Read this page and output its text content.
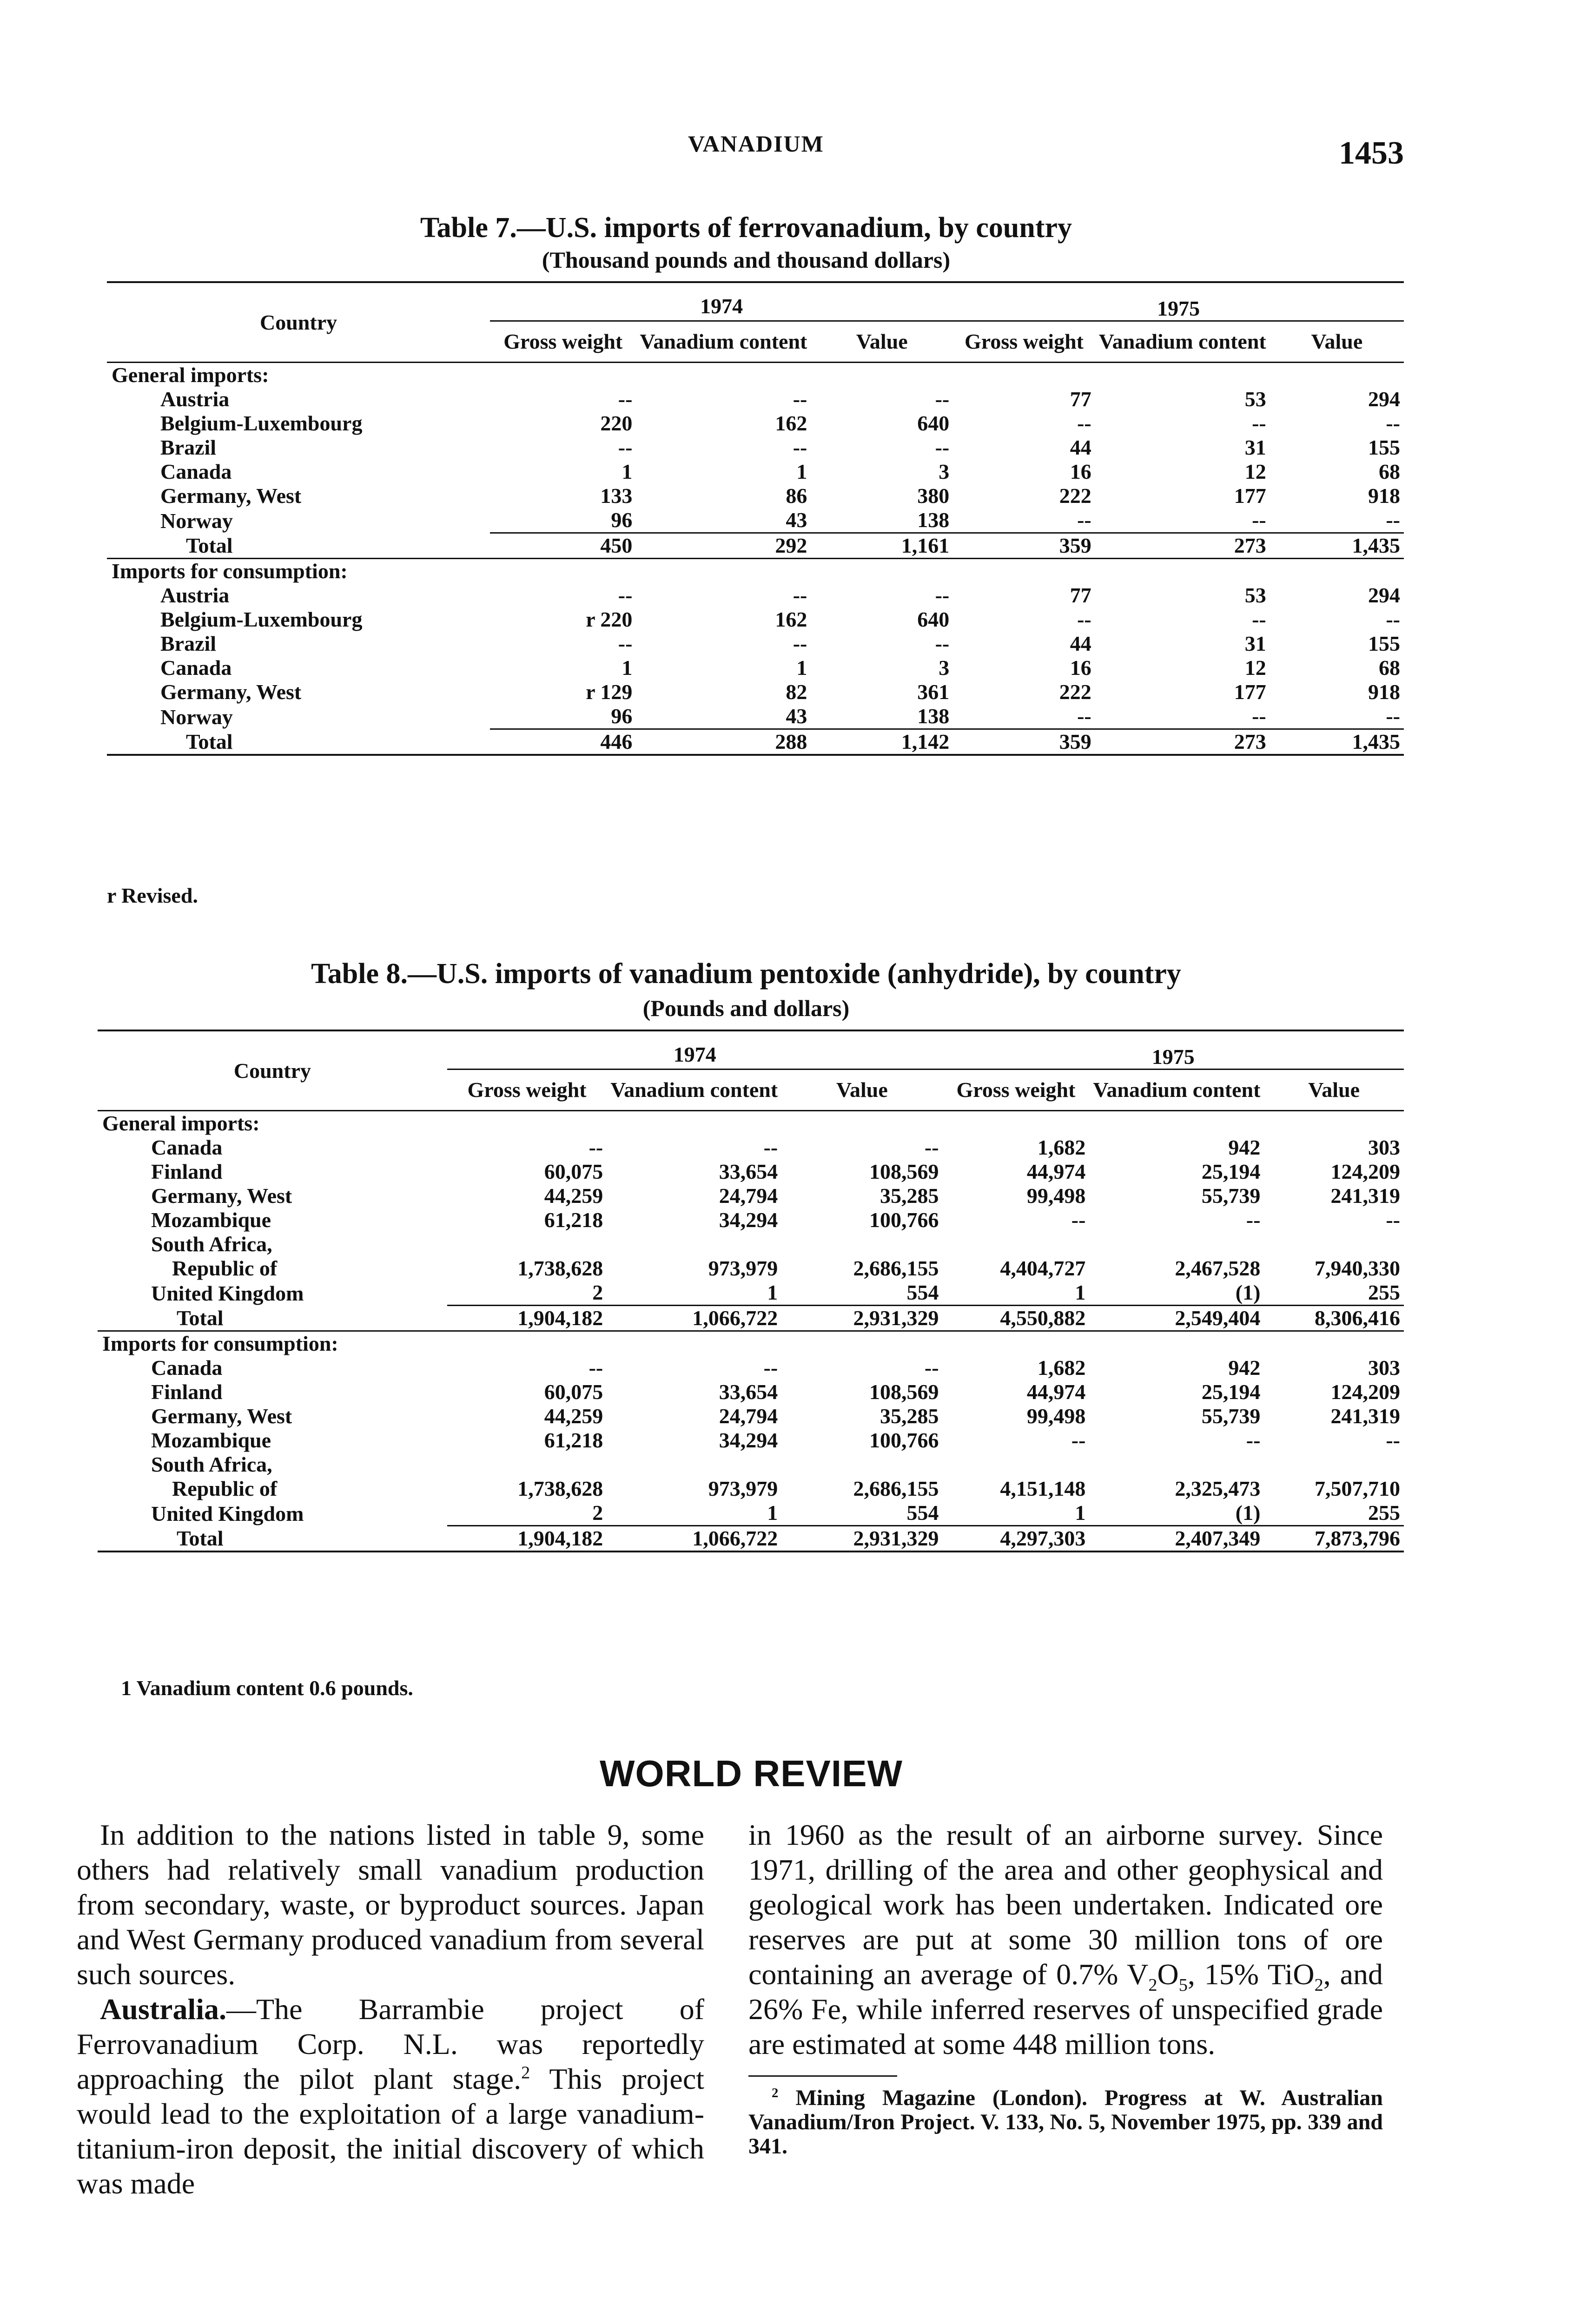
VANADIUM	1453
Table 7.—U.S. imports of ferrovanadium, by country
(Thousand pounds and thousand dollars)
Country	1974			1975		
	Gross weight	Vanadium content	Value	Gross weight	Vanadium content	Value
General imports:						
Austria	--	--	--	77	53	294
Belgium-Luxembourg	220	162	640	--	--	--
Brazil	--	--	--	44	31	155
Canada	1	1	3	16	12	68
Germany, West	133	86	380	222	177	918
Norway	96	43	138	--	--	--
Total	450	292	1,161	359	273	1,435
Imports for consumption:						
Austria	--	--	--	77	53	294
Belgium-Luxembourg	r 220	162	640	--	--	--
Brazil	--	--	--	44	31	155
Canada	1	1	3	16	12	68
Germany, West	r 129	82	361	222	177	918
Norway	96	43	138	--	--	--
Total	446	288	1,142	359	273	1,435
r Revised.
Table 8.—U.S. imports of vanadium pentoxide (anhydride), by country
(Pounds and dollars)
Country	1974			1975		
	Gross weight	Vanadium content	Value	Gross weight	Vanadium content	Value
General imports:						
Canada	--	--	--	1,682	942	303
Finland	60,075	33,654	108,569	44,974	25,194	124,209
Germany, West	44,259	24,794	35,285	99,498	55,739	241,319
Mozambique	61,218	34,294	100,766	--	--	--
South Africa,						
Republic of	1,738,628	973,979	2,686,155	4,404,727	2,467,528	7,940,330
United Kingdom	2	1	554	1	(1)	255
Total	1,904,182	1,066,722	2,931,329	4,550,882	2,549,404	8,306,416
Imports for consumption:						
Canada	--	--	--	1,682	942	303
Finland	60,075	33,654	108,569	44,974	25,194	124,209
Germany, West	44,259	24,794	35,285	99,498	55,739	241,319
Mozambique	61,218	34,294	100,766	--	--	--
South Africa,						
Republic of	1,738,628	973,979	2,686,155	4,151,148	2,325,473	7,507,710
United Kingdom	2	1	554	1	(1)	255
Total	1,904,182	1,066,722	2,931,329	4,297,303	2,407,349	7,873,796
1 Vanadium content 0.6 pounds.
WORLD REVIEW

In addition to the nations listed in table 9, some others had relatively small vanadium production from secondary, waste, or byproduct sources. Japan and West Germany produced vanadium from several such sources.

Australia.—The Barrambie project of Ferrovanadium Corp. N.L. was reportedly approaching the pilot plant stage.$^2$ This project would lead to the exploitation of a large vanadium-titanium-iron deposit, the initial discovery of which was made

in 1960 as the result of an airborne survey. Since 1971, drilling of the area and other geophysical and geological work has been undertaken. Indicated ore reserves are put at some 30 million tons of ore containing an average of 0.7% $V_2O_5$, 15% TiO$_2$, and 26% Fe, while inferred reserves of unspecified grade are estimated at some 448 million tons.

$^2$ Mining Magazine (London). Progress at W. Australian Vanadium/Iron Project. V. 133, No. 5, November 1975, pp. 339 and 341.
